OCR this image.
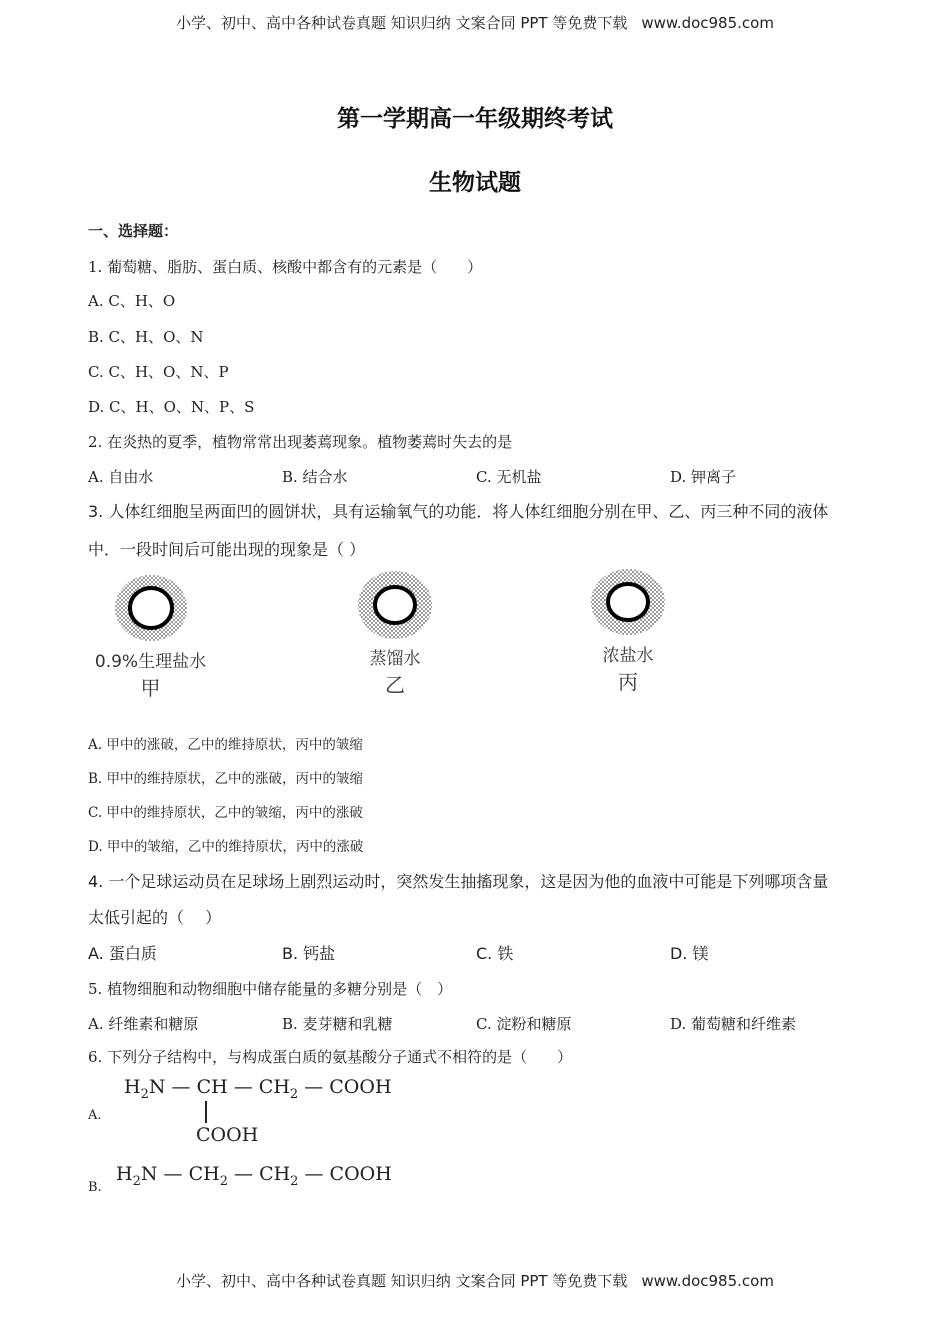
小学、初中、高中各种试卷真题 知识归纳 文案合同 PPT 等免费下载 www.doc985.com
第一学期高一年级期终考试
生物试题
一、选择题：
1. 葡萄糖、脂肪、蛋白质、核酸中都含有的元素是（　　）
A. C、H、O
B. C、H、O、N
C. C、H、O、N、P
D. C、H、O、N、P、S
2. 在炎热的夏季，植物常常出现萎蔫现象。植物萎蔫时失去的是
A. 自由水	B. 结合水	C. 无机盐	D. 钾离子
3. 人体红细胞呈两面凹的圆饼状，具有运输氧气的功能．将人体红细胞分别在甲、乙、丙三种不同的液体
中．一段时间后可能出现的现象是（ ）
0.9%生理盐水
甲
蒸馏水
乙
浓盐水
丙
A. 甲中的涨破，乙中的维持原状，丙中的皱缩
B. 甲中的维持原状，乙中的涨破，丙中的皱缩
C. 甲中的维持原状，乙中的皱缩，丙中的涨破
D. 甲中的皱缩，乙中的维持原状，丙中的涨破
4. 一个足球运动员在足球场上剧烈运动时，突然发生抽搐现象，这是因为他的血液中可能是下列哪项含量
太低引起的（　 ）
A. 蛋白质	B. 钙盐	C. 铁	D. 镁
5. 植物细胞和动物细胞中储存能量的多糖分别是（　）
A. 纤维素和糖原	B. 麦芽糖和乳糖	C. 淀粉和糖原	D. 葡萄糖和纤维素
6. 下列分子结构中，与构成蛋白质的氨基酸分子通式不相符的是（　　）
A.
$H_2N$ — CH — $CH_2$ — COOH
COOH
B.
$H_2N$ — $CH_2$ — $CH_2$ — COOH
小学、初中、高中各种试卷真题 知识归纳 文案合同 PPT 等免费下载 www.doc985.com
